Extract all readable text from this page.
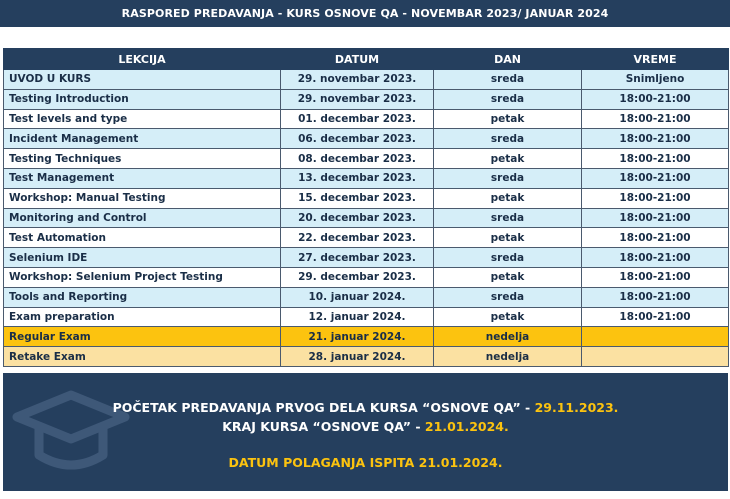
RASPORED PREDAVANJA - KURS OSNOVE QA - NOVEMBAR 2023/ JANUAR 2024
LEKCIJA	DATUM	DAN	VREME
UVOD U KURS	29. novembar 2023.	sreda	Snimljeno
Testing Introduction	29. novembar 2023.	sreda	18:00-21:00
Test levels and type	01. decembar 2023.	petak	18:00-21:00
Incident Management	06. decembar 2023.	sreda	18:00-21:00
Testing Techniques	08. decembar 2023.	petak	18:00-21:00
Test Management	13. decembar 2023.	sreda	18:00-21:00
Workshop: Manual Testing	15. decembar 2023.	petak	18:00-21:00
Monitoring and Control	20. decembar 2023.	sreda	18:00-21:00
Test Automation	22. decembar 2023.	petak	18:00-21:00
Selenium IDE	27. decembar 2023.	sreda	18:00-21:00
Workshop: Selenium Project Testing	29. decembar 2023.	petak	18:00-21:00
Tools and Reporting	10. januar 2024.	sreda	18:00-21:00
Exam preparation	12. januar 2024.	petak	18:00-21:00
Regular Exam	21. januar 2024.	nedelja	
Retake Exam	28. januar 2024.	nedelja	
POČETAK PREDAVANJA PRVOG DELA KURSA “OSNOVE QA” - 29.11.2023.
KRAJ KURSA “OSNOVE QA” - 21.01.2024.
DATUM POLAGANJA ISPITA 21.01.2024.
